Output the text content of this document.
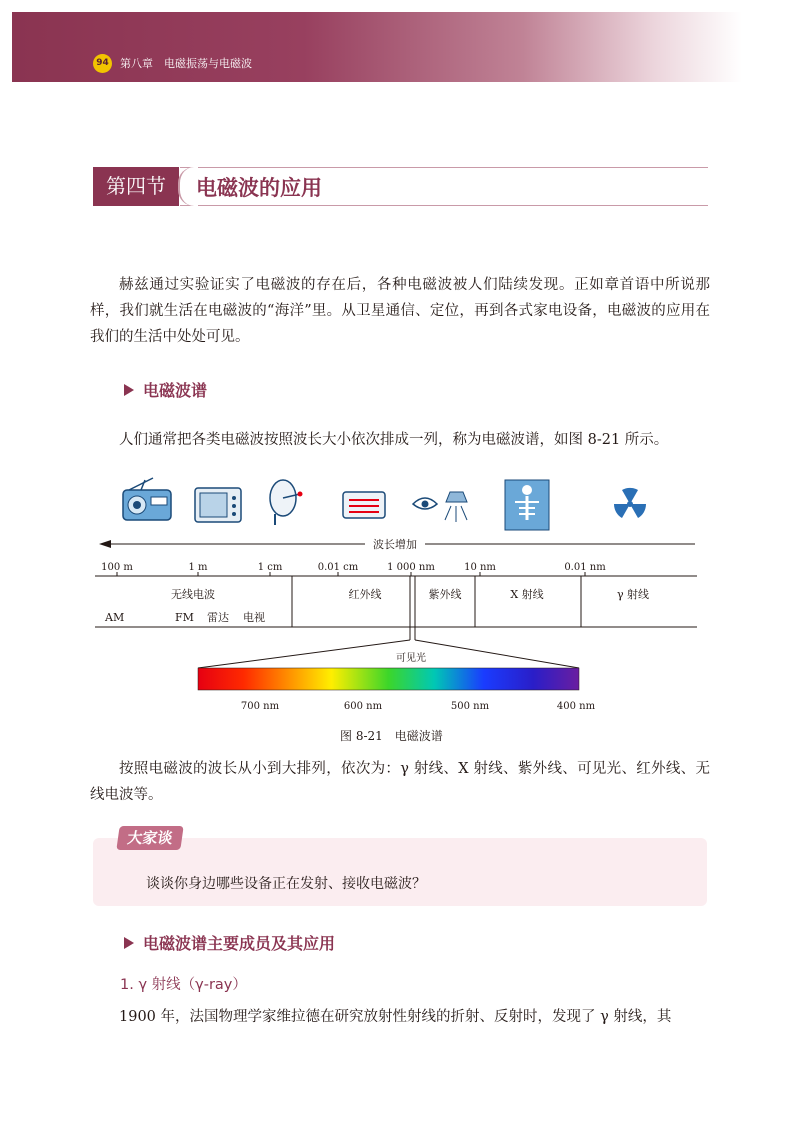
94 第八章　电磁振荡与电磁波
第四节	电磁波的应用
赫兹通过实验证实了电磁波的存在后，各种电磁波被人们陆续发现。正如章首语中所说那样，我们就生活在电磁波的“海洋”里。从卫星通信、定位，再到各式家电设备，电磁波的应用在我们的生活中处处可见。
电磁波谱
人们通常把各类电磁波按照波长大小依次排成一列，称为电磁波谱，如图 8-21 所示。
波长增加
100 m	1 m	1 cm	0.01 cm	1 000 nm	10 nm	0.01 nm
无线电波	红外线	紫外线	X 射线	γ 射线
AM	FM 雷达 电视
可见光
700 nm	600 nm	500 nm	400 nm
图 8-21　电磁波谱
按照电磁波的波长从小到大排列，依次为：γ 射线、X 射线、紫外线、可见光、红外线、无线电波等。
大家谈
谈谈你身边哪些设备正在发射、接收电磁波？
电磁波谱主要成员及其应用
1. γ 射线（γ-ray）
1900 年，法国物理学家维拉德在研究放射性射线的折射、反射时，发现了 γ 射线，其
